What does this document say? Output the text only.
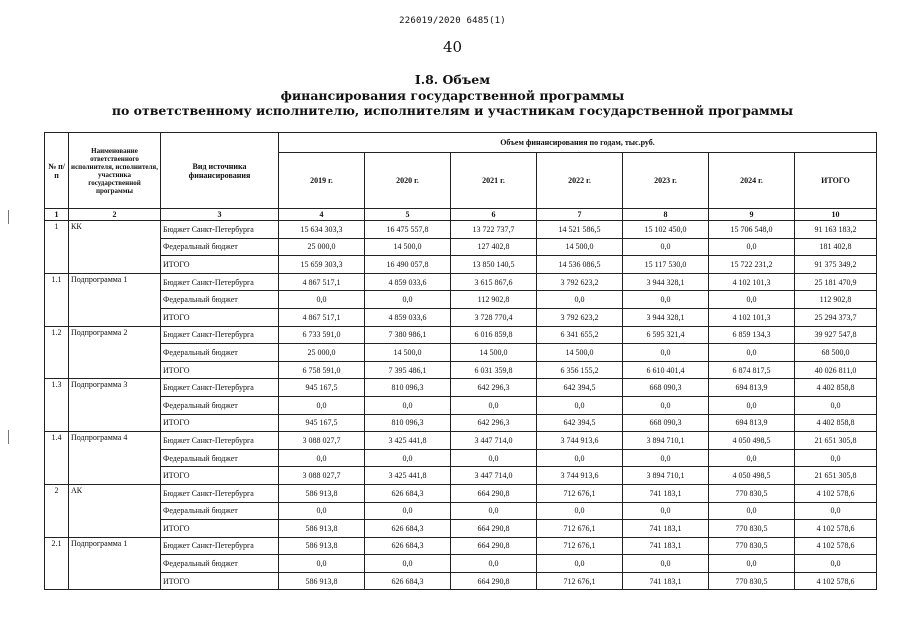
226019/2020 6485(1)
40
I.8. Объем
финансирования государственной программы
по ответственному исполнителю, исполнителям и участникам государственной программы
№ п/п	Наименование ответственного исполнителя, исполнителя, участника государственной программы	Вид источника финансирования	Объем финансирования по годам, тыс.руб.						
			2019 г.	2020 г.	2021 г.	2022 г.	2023 г.	2024 г.	ИТОГО
1	2	3	4	5	6	7	8	9	10
1	КК	Бюджет Санкт-Петербурга	15 634 303,3	16 475 557,8	13 722 737,7	14 521 586,5	15 102 450,0	15 706 548,0	91 163 183,2
		Федеральный бюджет	25 000,0	14 500,0	127 402,8	14 500,0	0,0	0,0	181 402,8
		ИТОГО	15 659 303,3	16 490 057,8	13 850 140,5	14 536 086,5	15 117 530,0	15 722 231,2	91 375 349,2
1.1	Подпрограмма 1	Бюджет Санкт-Петербурга	4 867 517,1	4 859 033,6	3 615 867,6	3 792 623,2	3 944 328,1	4 102 101,3	25 181 470,9
		Федеральный бюджет	0,0	0,0	112 902,8	0,0	0,0	0,0	112 902,8
		ИТОГО	4 867 517,1	4 859 033,6	3 728 770,4	3 792 623,2	3 944 328,1	4 102 101,3	25 294 373,7
1.2	Подпрограмма 2	Бюджет Санкт-Петербурга	6 733 591,0	7 380 986,1	6 016 859,8	6 341 655,2	6 595 321,4	6 859 134,3	39 927 547,8
		Федеральный бюджет	25 000,0	14 500,0	14 500,0	14 500,0	0,0	0,0	68 500,0
		ИТОГО	6 758 591,0	7 395 486,1	6 031 359,8	6 356 155,2	6 610 401,4	6 874 817,5	40 026 811,0
1.3	Подпрограмма 3	Бюджет Санкт-Петербурга	945 167,5	810 096,3	642 296,3	642 394,5	668 090,3	694 813,9	4 402 858,8
		Федеральный бюджет	0,0	0,0	0,0	0,0	0,0	0,0	0,0
		ИТОГО	945 167,5	810 096,3	642 296,3	642 394,5	668 090,3	694 813,9	4 402 858,8
1.4	Подпрограмма 4	Бюджет Санкт-Петербурга	3 088 027,7	3 425 441,8	3 447 714,0	3 744 913,6	3 894 710,1	4 050 498,5	21 651 305,8
		Федеральный бюджет	0,0	0,0	0,0	0,0	0,0	0,0	0,0
		ИТОГО	3 088 027,7	3 425 441,8	3 447 714,0	3 744 913,6	3 894 710,1	4 050 498,5	21 651 305,8
2	АК	Бюджет Санкт-Петербурга	586 913,8	626 684,3	664 290,8	712 676,1	741 183,1	770 830,5	4 102 578,6
		Федеральный бюджет	0,0	0,0	0,0	0,0	0,0	0,0	0,0
		ИТОГО	586 913,8	626 684,3	664 290,8	712 676,1	741 183,1	770 830,5	4 102 578,6
2.1	Подпрограмма 1	Бюджет Санкт-Петербурга	586 913,8	626 684,3	664 290,8	712 676,1	741 183,1	770 830,5	4 102 578,6
		Федеральный бюджет	0,0	0,0	0,0	0,0	0,0	0,0	0,0
		ИТОГО	586 913,8	626 684,3	664 290,8	712 676,1	741 183,1	770 830,5	4 102 578,6
